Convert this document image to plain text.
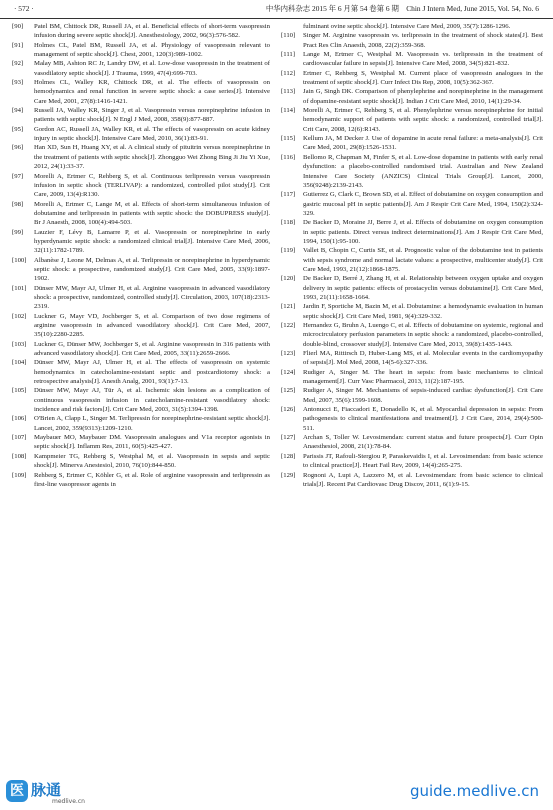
· 572 ·	中华内科杂志 2015 年 6 月第 54 卷第 6 期　Chin J Intern Med, June 2015, Vol. 54, No. 6
[90]	Patel BM, Chittock DR, Russell JA, et al. Beneficial effects of short-term vasopressin infusion during severe septic shock[J]. Anesthesiology, 2002, 96(3):576-582.
[91]	Holmes CL, Patel BM, Russell JA, et al. Physiology of vasopressin relevant to management of septic shock[J]. Chest, 2001, 120(3):989-1002.
[92]	Malay MB, Ashton RC Jr, Landry DW, et al. Low-dose vasopressin in the treatment of vasodilatory septic shock[J]. J Trauma, 1999, 47(4):699-703.
[93]	Holmes CL, Walley KR, Chittock DR, et al. The effects of vasopressin on hemodynamics and renal function in severe septic shock: a case series[J]. Intensive Care Med, 2001, 27(8):1416-1421.
[94]	Russell JA, Walley KR, Singer J, et al. Vasopressin versus norepinephrine infusion in patients with septic shock[J]. N Engl J Med, 2008, 358(9):877-887.
[95]	Gordon AC, Russell JA, Walley KR, et al. The effects of vasopressin on acute kidney injury in septic shock[J]. Intensive Care Med, 2010, 36(1):83-91.
[96]	Han XD, Sun H, Huang XY, et al. A clinical study of pituitrin versus norepinephrine in the treatment of patients with septic shock[J]. Zhongguo Wei Zhong Bing Ji Jiu Yi Xue, 2012, 24(1):33-37.
[97]	Morelli A, Ertmer C, Rehberg S, et al. Continuous terlipressin versus vasopressin infusion in septic shock (TERLIVAP): a randomized, controlled pilot study[J]. Crit Care, 2009, 13(4):R130.
[98]	Morelli A, Ertmer C, Lange M, et al. Effects of short-term simultaneous infusion of dobutamine and terlipressin in patients with septic shock: the DOBUPRESS study[J]. Br J Anaesth, 2008, 100(4):494-503.
[99]	Lauzier F, Lévy B, Lamarre P, et al. Vasopressin or norepinephrine in early hyperdynamic septic shock: a randomized clinical trial[J]. Intensive Care Med, 2006, 32(11):1782-1789.
[100]	Albanèse J, Leone M, Delmas A, et al. Terlipressin or norepinephrine in hyperdynamic septic shock: a prospective, randomized study[J]. Crit Care Med, 2005, 33(9):1897-1902.
[101]	Dünser MW, Mayr AJ, Ulmer H, et al. Arginine vasopressin in advanced vasodilatory shock: a prospective, randomized, controlled study[J]. Circulation, 2003, 107(18):2313-2319.
[102]	Luckner G, Mayr VD, Jochberger S, et al. Comparison of two dose regimens of arginine vasopressin in advanced vasodilatory shock[J]. Crit Care Med, 2007, 35(10):2280-2285.
[103]	Luckner G, Dünser MW, Jochberger S, et al. Arginine vasopressin in 316 patients with advanced vasodilatory shock[J]. Crit Care Med, 2005, 33(11):2659-2666.
[104]	Dünser MW, Mayr AJ, Ulmer H, et al. The effects of vasopressin on systemic hemodynamics in catecholamine-resistant septic and postcardiotomy shock: a retrospective analysis[J]. Anesth Analg, 2001, 93(1):7-13.
[105]	Dünser MW, Mayr AJ, Tür A, et al. Ischemic skin lesions as a complication of continuous vasopressin infusion in catecholamine-resistant vasodilatory shock: incidence and risk factors[J]. Crit Care Med, 2003, 31(5):1394-1398.
[106]	O'Brien A, Clapp L, Singer M. Terlipressin for norepinephrine-resistant septic shock[J]. Lancet, 2002, 359(9313):1209-1210.
[107]	Maybauer MO, Maybauer DM. Vasopressin analogues and V1a receptor agonists in septic shock[J]. Inflamm Res, 2011, 60(5):425-427.
[108]	Kampmeier TG, Rehberg S, Westphal M, et al. Vasopressin in sepsis and septic shock[J]. Minerva Anestesiol, 2010, 76(10):844-850.
[109]	Rehberg S, Ertmer C, Köhler G, et al. Role of arginine vasopressin and terlipressin as first-line vasopressor agents in
fulminant ovine septic shock[J]. Intensive Care Med, 2009, 35(7):1286-1296.
[110]	Singer M. Arginine vasopressin vs. terlipressin in the treatment of shock states[J]. Best Pract Res Clin Anaesth, 2008, 22(2):359-368.
[111]	Lange M, Ertmer C, Westphal M. Vasopressin vs. terlipressin in the treatment of cardiovascular failure in sepsis[J]. Intensive Care Med, 2008, 34(5):821-832.
[112]	Ertmer C, Rehberg S, Westphal M. Current place of vasopressin analogues in the treatment of septic shock[J]. Curr Infect Dis Rep, 2008, 10(5):362-367.
[113]	Jain G, Singh DK. Comparison of phenylephrine and norepinephrine in the management of dopamine-resistant septic shock[J]. Indian J Crit Care Med, 2010, 14(1):29-34.
[114]	Morelli A, Ertmer C, Rehberg S, et al. Phenylephrine versus norepinephrine for initial hemodynamic support of patients with septic shock: a randomized, controlled trial[J]. Crit Care, 2008, 12(6):R143.
[115]	Kellum JA, M Decker J. Use of dopamine in acute renal failure: a meta-analysis[J]. Crit Care Med, 2001, 29(8):1526-1531.
[116]	Bellomo R, Chapman M, Finfer S, et al. Low-dose dopamine in patients with early renal dysfunction: a placebo-controlled randomised trial. Australian and New Zealand Intensive Care Society (ANZICS) Clinical Trials Group[J]. Lancet, 2000, 356(9248):2139-2143.
[117]	Gutierrez G, Clark C, Brown SD, et al. Effect of dobutamine on oxygen consumption and gastric mucosal pH in septic patients[J]. Am J Respir Crit Care Med, 1994, 150(2):324-329.
[118]	De Backer D, Moraine JJ, Berre J, et al. Effects of dobutamine on oxygen consumption in septic patients. Direct versus indirect determinations[J]. Am J Respir Crit Care Med, 1994, 150(1):95-100.
[119]	Vallet B, Chopin C, Curtis SE, et al. Prognostic value of the dobutamine test in patients with sepsis syndrome and normal lactate values: a prospective, multicenter study[J]. Crit Care Med, 1993, 21(12):1868-1875.
[120]	De Backer D, Berré J, Zhang H, et al. Relationship between oxygen uptake and oxygen delivery in septic patients: effects of prostacyclin versus dobutamine[J]. Crit Care Med, 1993, 21(11):1658-1664.
[121]	Jardin F, Sportiche M, Bazin M, et al. Dobutamine: a hemodynamic evaluation in human septic shock[J]. Crit Care Med, 1981, 9(4):329-332.
[122]	Hernandez G, Bruhn A, Luengo C, et al. Effects of dobutamine on systemic, regional and microcirculatory perfusion parameters in septic shock: a randomized, placebo-controlled, double-blind, crossover study[J]. Intensive Care Med, 2013, 39(8):1435-1443.
[123]	Flierl MA, Rittirsch D, Huber-Lang MS, et al. Molecular events in the cardiomyopathy of sepsis[J]. Mol Med, 2008, 14(5-6):327-336.
[124]	Rudiger A, Singer M. The heart in sepsis: from basic mechanisms to clinical management[J]. Curr Vasc Pharmacol, 2013, 11(2):187-195.
[125]	Rudiger A, Singer M. Mechanisms of sepsis-induced cardiac dysfunction[J]. Crit Care Med, 2007, 35(6):1599-1608.
[126]	Antonucci E, Fiaccadori E, Donadello K, et al. Myocardial depression in sepsis: From pathogenesis to clinical manifestations and treatment[J]. J Crit Care, 2014, 29(4):500-511.
[127]	Archan S, Toller W. Levosimendan: current status and future prospects[J]. Curr Opin Anaesthesiol, 2008, 21(1):78-84.
[128]	Parissis JT, Rafouli-Stergiou P, Paraskevaidis I, et al. Levosimendan: from basic science to clinical practice[J]. Heart Fail Rev, 2009, 14(4):265-275.
[129]	Rognoni A, Lupi A, Lazzero M, et al. Levosimendan: from basic science to clinical trials[J]. Recent Pat Cardiovasc Drug Discov, 2011, 6(1):9-15.
医 脉通
medlive.cn
guide.medlive.cn
